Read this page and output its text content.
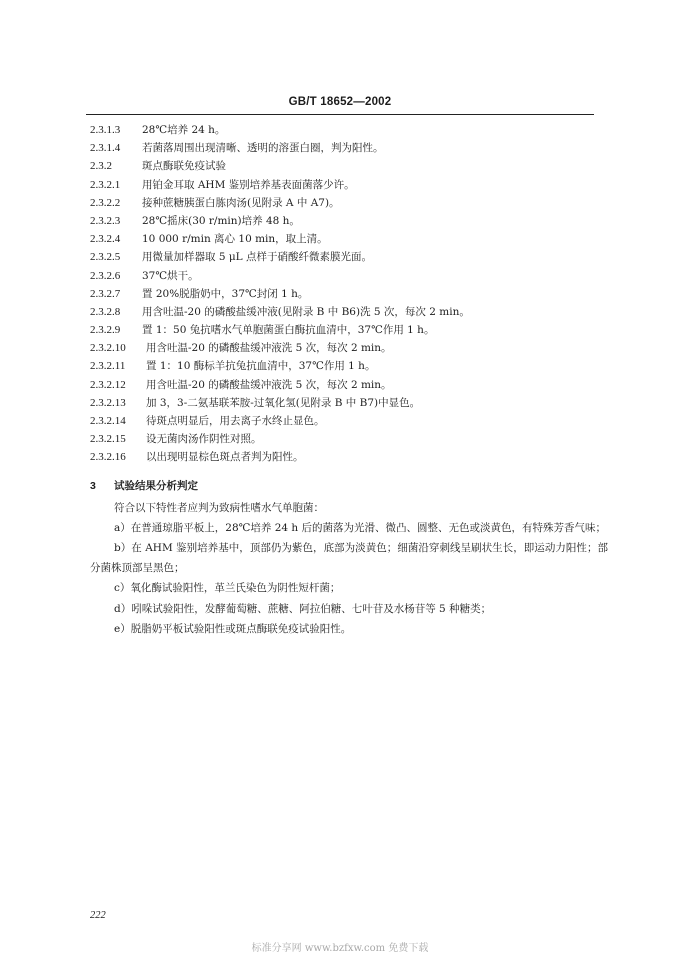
GB/T 18652—2002
2.3.1.3	28℃培养 24 h。
2.3.1.4	若菌落周围出现清晰、透明的溶蛋白圈，判为阳性。
2.3.2	斑点酶联免疫试验
2.3.2.1	用铂金耳取 AHM 鉴别培养基表面菌落少许。
2.3.2.2	接种蔗糖胰蛋白胨肉汤(见附录 A 中 A7)。
2.3.2.3	28℃摇床(30 r/min)培养 48 h。
2.3.2.4	10 000 r/min 离心 10 min，取上清。
2.3.2.5	用微量加样器取 5 μL 点样于硝酸纤微素膜光面。
2.3.2.6	37℃烘干。
2.3.2.7	置 20%脱脂奶中，37℃封闭 1 h。
2.3.2.8	用含吐温-20 的磷酸盐缓冲液(见附录 B 中 B6)洗 5 次，每次 2 min。
2.3.2.9	置 1：50 兔抗嗜水气单胞菌蛋白酶抗血清中，37℃作用 1 h。
2.3.2.10	用含吐温-20 的磷酸盐缓冲液洗 5 次，每次 2 min。
2.3.2.11	置 1：10 酶标羊抗兔抗血清中，37℃作用 1 h。
2.3.2.12	用含吐温-20 的磷酸盐缓冲液洗 5 次，每次 2 min。
2.3.2.13	加 3，3-二氨基联苯胺-过氧化氢(见附录 B 中 B7)中显色。
2.3.2.14	待斑点明显后，用去离子水终止显色。
2.3.2.15	设无菌肉汤作阴性对照。
2.3.2.16	以出现明显棕色斑点者判为阳性。
3 试验结果分析判定
符合以下特性者应判为致病性嗜水气单胞菌：

a）在普通琼脂平板上，28℃培养 24 h 后的菌落为光滑、微凸、圆整、无色或淡黄色，有特殊芳香气味；

b）在 AHM 鉴别培养基中，顶部仍为紫色，底部为淡黄色；细菌沿穿刺线呈刷状生长，即运动力阳性；部分菌株顶部呈黑色；

c）氧化酶试验阳性，革兰氏染色为阴性短杆菌；

d）吲哚试验阳性，发酵葡萄糖、蔗糖、阿拉伯糖、七叶苷及水杨苷等 5 种糖类；

e）脱脂奶平板试验阳性或斑点酶联免疫试验阳性。

222
标准分享网 www.bzfxw.com 免费下载
